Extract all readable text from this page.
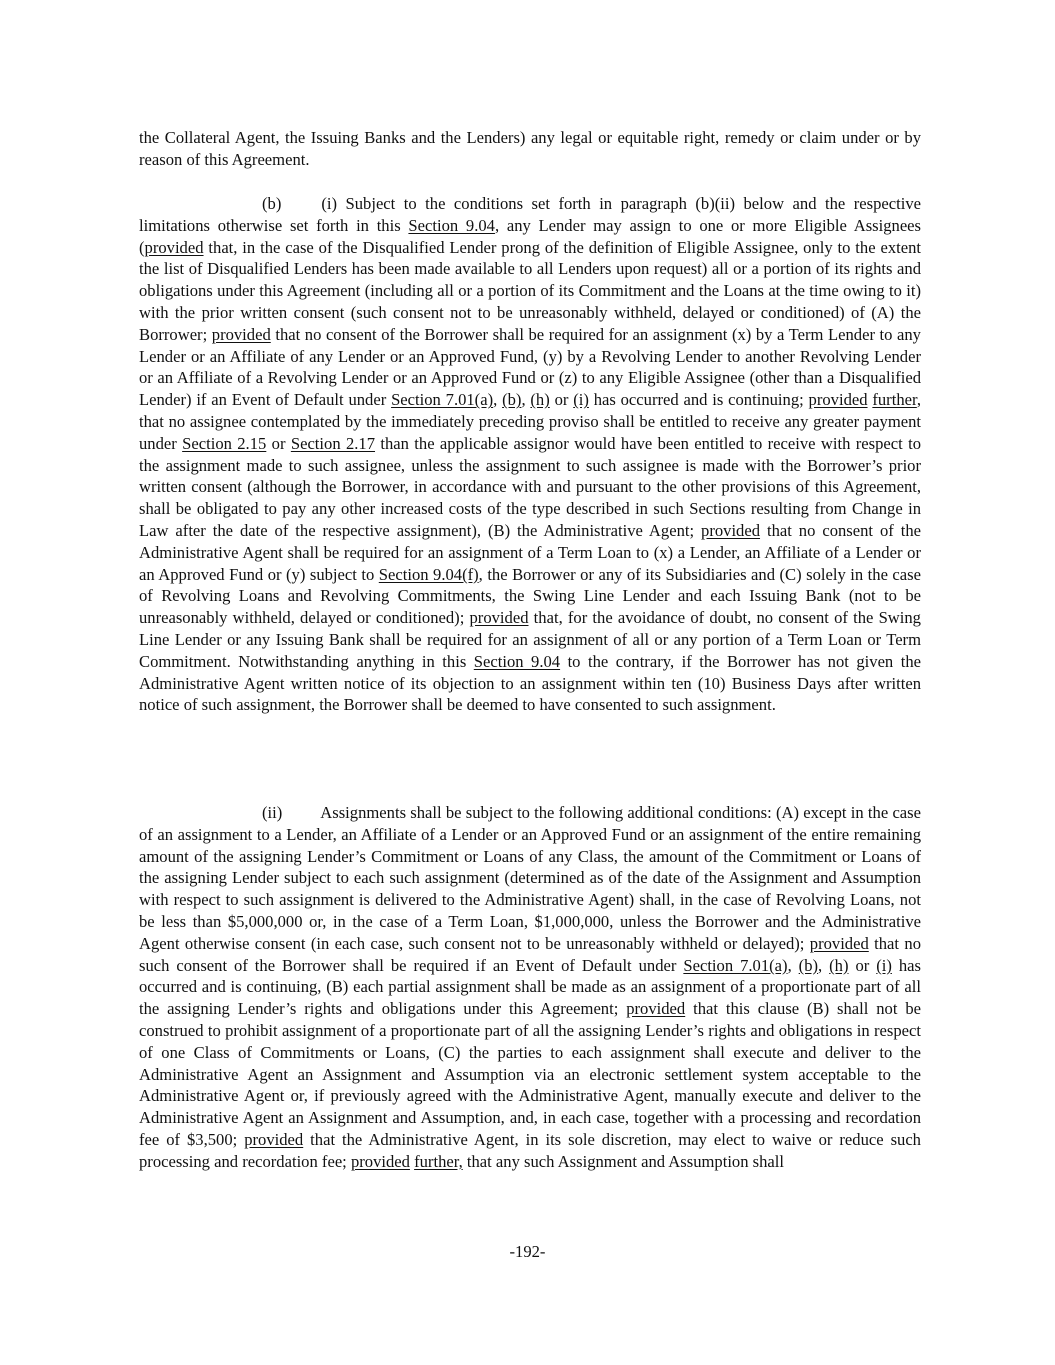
the Collateral Agent, the Issuing Banks and the Lenders) any legal or equitable right, remedy or claim under or by reason of this Agreement.

(b) (i) Subject to the conditions set forth in paragraph (b)(ii) below and the respective limitations otherwise set forth in this Section 9.04, any Lender may assign to one or more Eligible Assignees (provided that, in the case of the Disqualified Lender prong of the definition of Eligible Assignee, only to the extent the list of Disqualified Lenders has been made available to all Lenders upon request) all or a portion of its rights and obligations under this Agreement (including all or a portion of its Commitment and the Loans at the time owing to it) with the prior written consent (such consent not to be unreasonably withheld, delayed or conditioned) of (A) the Borrower; provided that no consent of the Borrower shall be required for an assignment (x) by a Term Lender to any Lender or an Affiliate of any Lender or an Approved Fund, (y) by a Revolving Lender to another Revolving Lender or an Affiliate of a Revolving Lender or an Approved Fund or (z) to any Eligible Assignee (other than a Disqualified Lender) if an Event of Default under Section 7.01(a), (b), (h) or (i) has occurred and is continuing; provided further, that no assignee contemplated by the immediately preceding proviso shall be entitled to receive any greater payment under Section 2.15 or Section 2.17 than the applicable assignor would have been entitled to receive with respect to the assignment made to such assignee, unless the assignment to such assignee is made with the Borrower’s prior written consent (although the Borrower, in accordance with and pursuant to the other provisions of this Agreement, shall be obligated to pay any other increased costs of the type described in such Sections resulting from Change in Law after the date of the respective assignment), (B) the Administrative Agent; provided that no consent of the Administrative Agent shall be required for an assignment of a Term Loan to (x) a Lender, an Affiliate of a Lender or an Approved Fund or (y) subject to Section 9.04(f), the Borrower or any of its Subsidiaries and (C) solely in the case of Revolving Loans and Revolving Commitments, the Swing Line Lender and each Issuing Bank (not to be unreasonably withheld, delayed or conditioned); provided that, for the avoidance of doubt, no consent of the Swing Line Lender or any Issuing Bank shall be required for an assignment of all or any portion of a Term Loan or Term Commitment. Notwithstanding anything in this Section 9.04 to the contrary, if the Borrower has not given the Administrative Agent written notice of its objection to an assignment within ten (10) Business Days after written notice of such assignment, the Borrower shall be deemed to have consented to such assignment.

(ii) Assignments shall be subject to the following additional conditions: (A) except in the case of an assignment to a Lender, an Affiliate of a Lender or an Approved Fund or an assignment of the entire remaining amount of the assigning Lender’s Commitment or Loans of any Class, the amount of the Commitment or Loans of the assigning Lender subject to each such assignment (determined as of the date of the Assignment and Assumption with respect to such assignment is delivered to the Administrative Agent) shall, in the case of Revolving Loans, not be less than $5,000,000 or, in the case of a Term Loan, $1,000,000, unless the Borrower and the Administrative Agent otherwise consent (in each case, such consent not to be unreasonably withheld or delayed); provided that no such consent of the Borrower shall be required if an Event of Default under Section 7.01(a), (b), (h) or (i) has occurred and is continuing, (B) each partial assignment shall be made as an assignment of a proportionate part of all the assigning Lender’s rights and obligations under this Agreement; provided that this clause (B) shall not be construed to prohibit assignment of a proportionate part of all the assigning Lender’s rights and obligations in respect of one Class of Commitments or Loans, (C) the parties to each assignment shall execute and deliver to the Administrative Agent an Assignment and Assumption via an electronic settlement system acceptable to the Administrative Agent or, if previously agreed with the Administrative Agent, manually execute and deliver to the Administrative Agent an Assignment and Assumption, and, in each case, together with a processing and recordation fee of $3,500; provided that the Administrative Agent, in its sole discretion, may elect to waive or reduce such processing and recordation fee; provided further, that any such Assignment and Assumption shall

-192-
